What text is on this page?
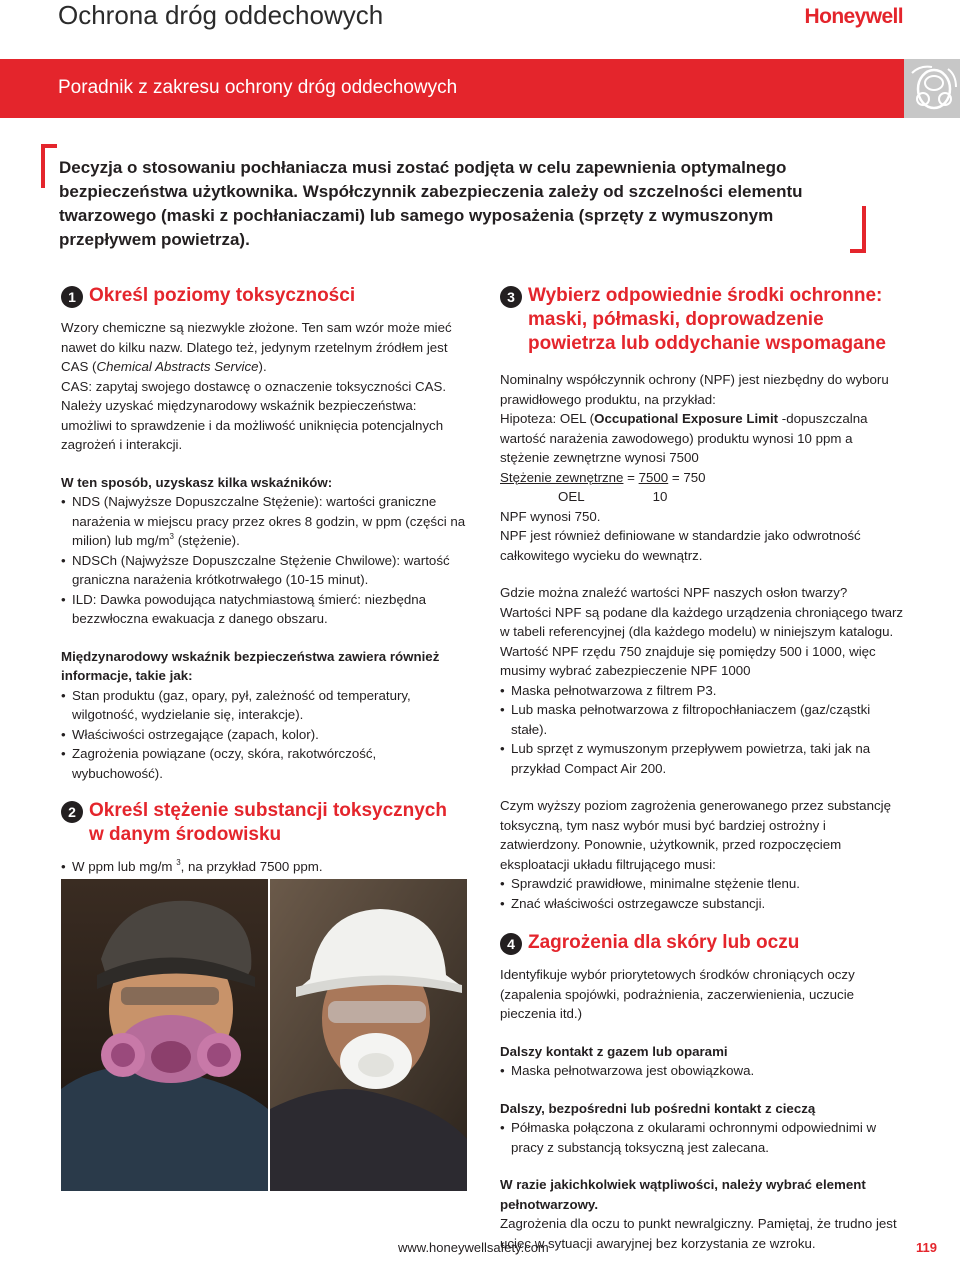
Ochrona dróg oddechowych	Honeywell
Poradnik z zakresu ochrony dróg oddechowych
Decyzja o stosowaniu pochłaniacza musi zostać podjęta w celu zapewnienia optymalnego bezpieczeństwa użytkownika. Współczynnik zabezpieczenia zależy od szczelności elementu twarzowego (maski z pochłaniaczami) lub samego wyposażenia (sprzęty z wymuszonym przepływem powietrza).
1 Określ poziomy toksyczności

Wzory chemiczne są niezwykle złożone. Ten sam wzór może mieć nawet do kilku nazw. Dlatego też, jedynym rzetelnym źródłem jest CAS (Chemical Abstracts Service).

CAS: zapytaj swojego dostawcę o oznaczenie toksyczności CAS. Należy uzyskać międzynarodowy wskaźnik bezpieczeństwa: umożliwi to sprawdzenie i da możliwość uniknięcia potencjalnych zagrożeń i interakcji.

W ten sposób, uzyskasz kilka wskaźników:

• NDS (Najwyższe Dopuszczalne Stężenie): wartości graniczne narażenia w miejscu pracy przez okres 8 godzin, w ppm (części na milion) lub $mg/m^3$ (stężenie).
• NDSCh (Najwyższe Dopuszczalne Stężenie Chwilowe): wartość graniczna narażenia krótkotrwałego (10-15 minut).
• ILD: Dawka powodująca natychmiastową śmierć: niezbędna bezzwłoczna ewakuacja z danego obszaru.

Międzynarodowy wskaźnik bezpieczeństwa zawiera również informacje, takie jak:

• Stan produktu (gaz, opary, pył, zależność od temperatury, wilgotność, wydzielanie się, interakcje).
• Właściwości ostrzegające (zapach, kolor).
• Zagrożenia powiązane (oczy, skóra, rakotwórczość, wybuchowość).
2 Określ stężenie substancji toksycznych w danym środowisku
• W ppm lub mg/m $^3$, na przykład 7500 ppm.
3 Wybierz odpowiednie środki ochronne: maski, półmaski, doprowadzenie powietrza lub oddychanie wspomagane

Nominalny współczynnik ochrony (NPF) jest niezbędny do wyboru prawidłowego produktu, na przykład:

Hipoteza: OEL (Occupational Exposure Limit -dopuszczalna wartość narażenia zawodowego) produktu wynosi 10 ppm a stężenie zewnętrzne wynosi 7500

Stężenie zewnętrzne = 7500 = 750

OEL	10

NPF wynosi 750.

NPF jest również definiowane w standardzie jako odwrotność całkowitego wycieku do wewnątrz.

Gdzie można znaleźć wartości NPF naszych osłon twarzy?

Wartości NPF są podane dla każdego urządzenia chroniącego twarz w tabeli referencyjnej (dla każdego modelu) w niniejszym katalogu.

Wartość NPF rzędu 750 znajduje się pomiędzy 500 i 1000, więc musimy wybrać zabezpieczenie NPF 1000

• Maska pełnotwarzowa z filtrem P3.
• Lub maska pełnotwarzowa z filtropochłaniaczem (gaz/cząstki stałe).
• Lub sprzęt z wymuszonym przepływem powietrza, taki jak na przykład Compact Air 200.

Czym wyższy poziom zagrożenia generowanego przez substancję toksyczną, tym nasz wybór musi być bardziej ostrożny i zatwierdzony. Ponownie, użytkownik, przed rozpoczęciem eksploatacji układu filtrującego musi:

• Sprawdzić prawidłowe, minimalne stężenie tlenu.
• Znać właściwości ostrzegawcze substancji.
4 Zagrożenia dla skóry lub oczu

Identyfikuje wybór priorytetowych środków chroniących oczy (zapalenia spojówki, podrażnienia, zaczerwienienia, uczucie pieczenia itd.)

Dalszy kontakt z gazem lub oparami

• Maska pełnotwarzowa jest obowiązkowa.

Dalszy, bezpośredni lub pośredni kontakt z cieczą

• Półmaska połączona z okularami ochronnymi odpowiednimi w pracy z substancją toksyczną jest zalecana.

W razie jakichkolwiek wątpliwości, należy wybrać element pełnotwarzowy.

Zagrożenia dla oczu to punkt newralgiczny. Pamiętaj, że trudno jest uciec w sytuacji awaryjnej bez korzystania ze wzroku.

www.honeywellsafety.com	119
